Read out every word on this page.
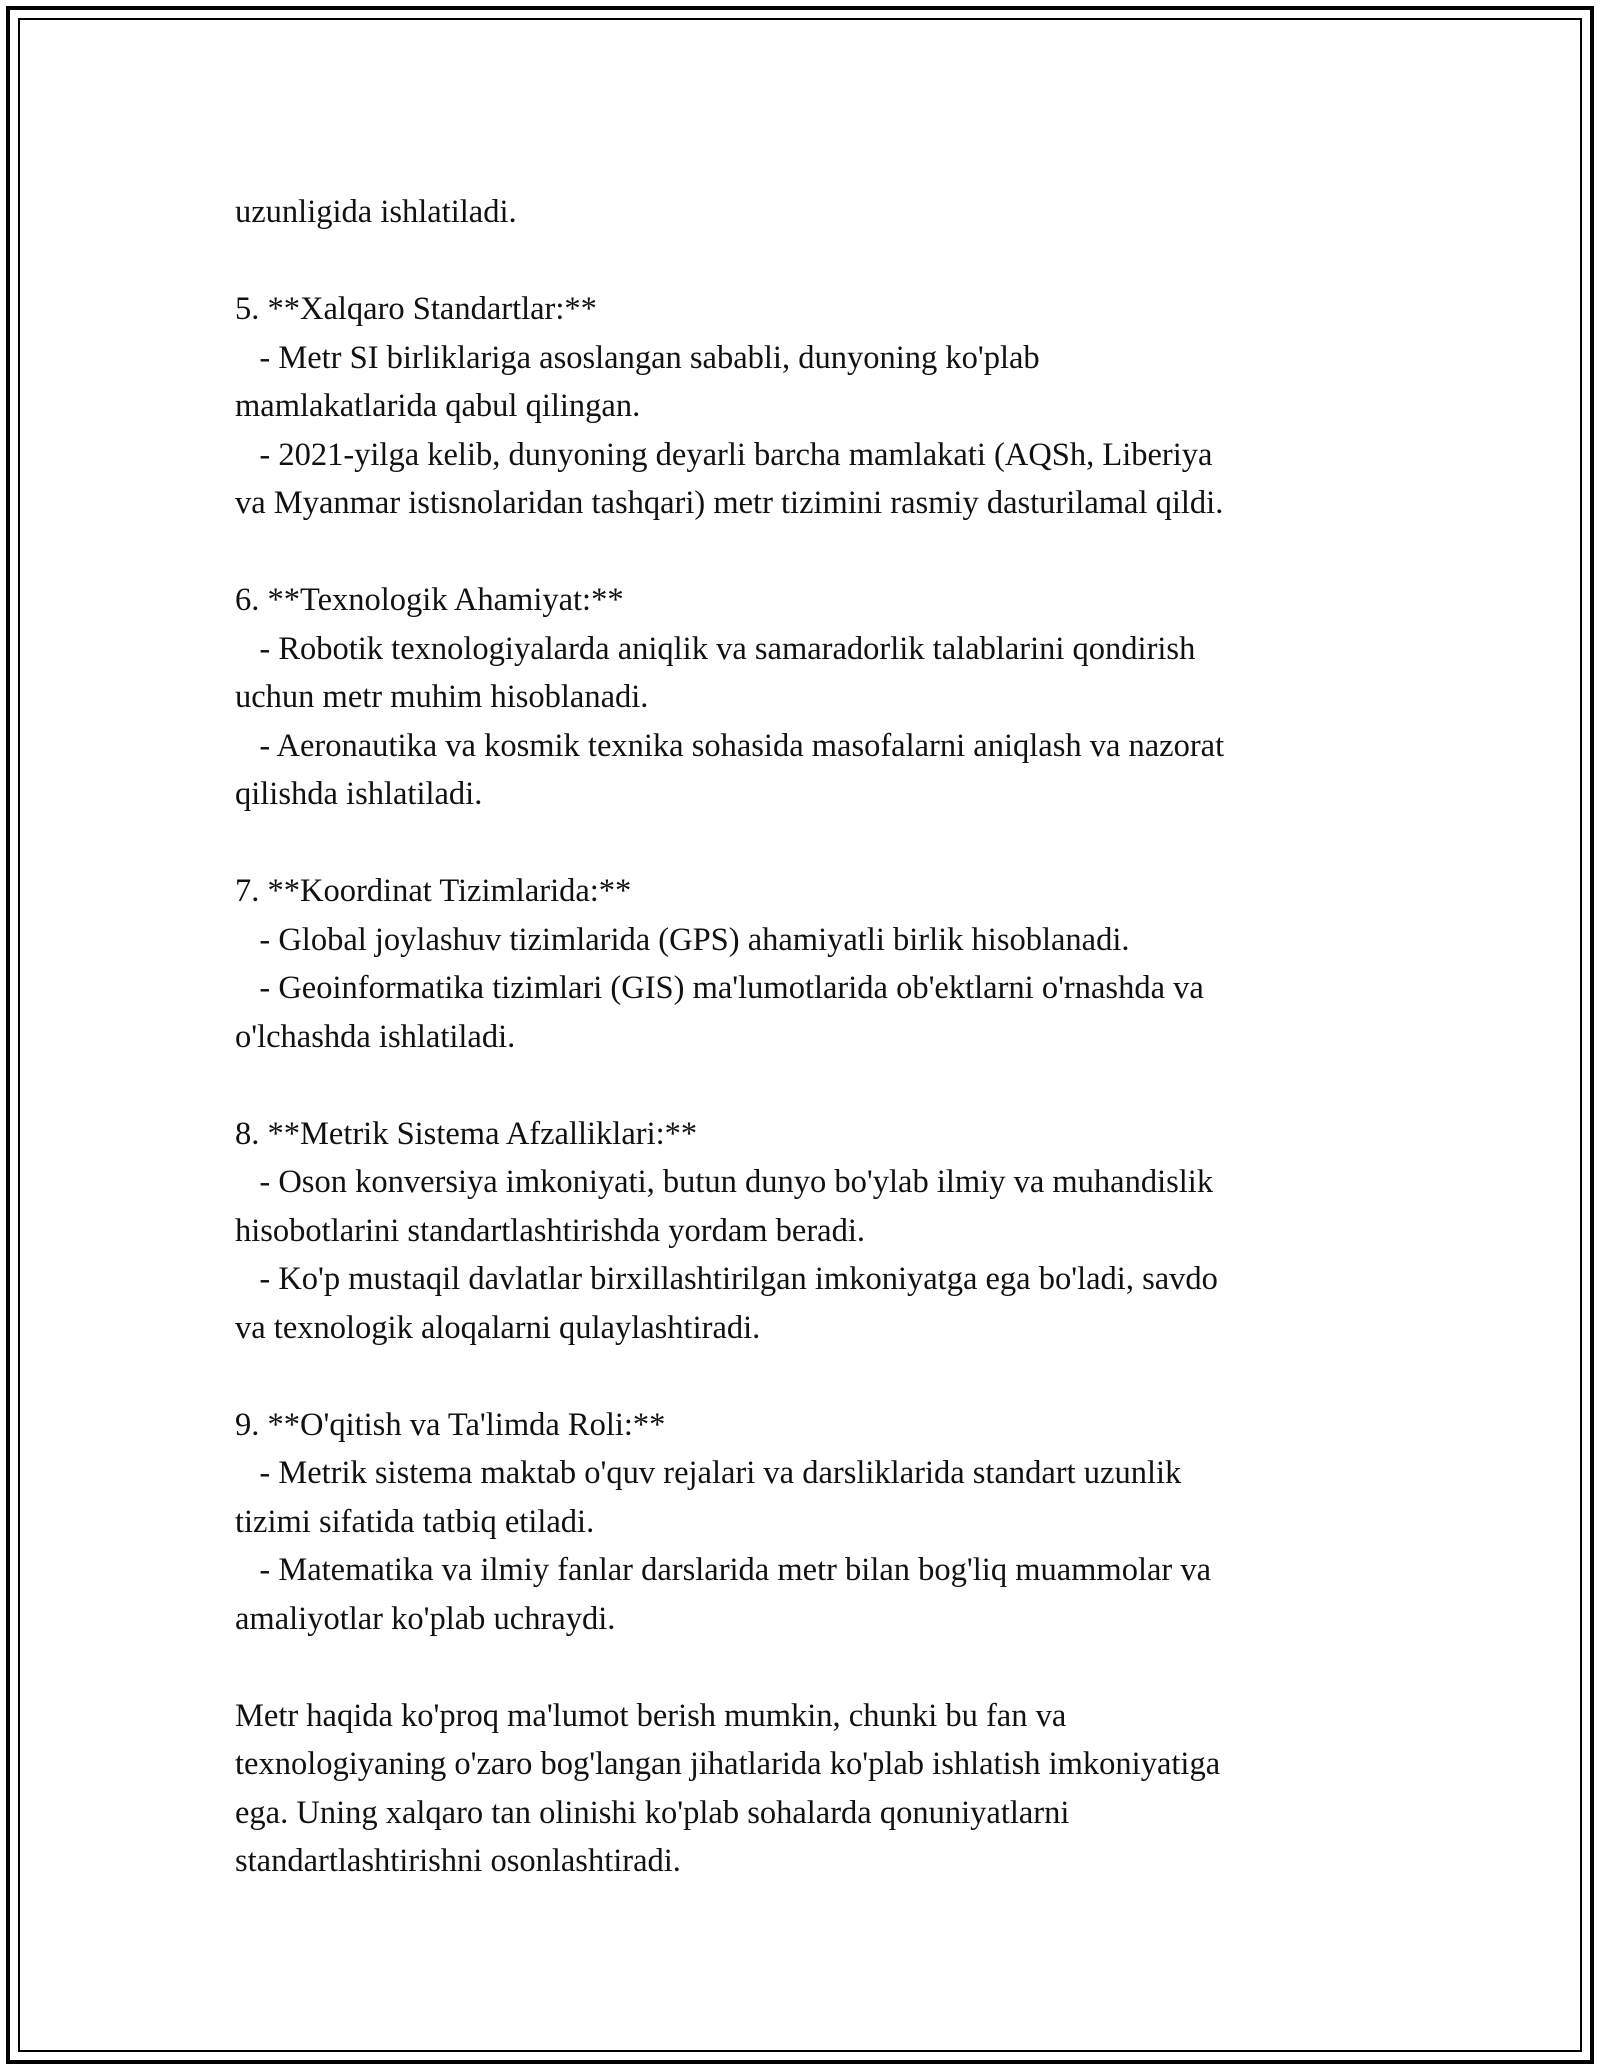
uzunligida ishlatiladi.
5. **Xalqaro Standartlar:**
- Metr SI birliklariga asoslangan sababli, dunyoning ko'plab
mamlakatlarida qabul qilingan.
- 2021-yilga kelib, dunyoning deyarli barcha mamlakati (AQSh, Liberiya
va Myanmar istisnolaridan tashqari) metr tizimini rasmiy dasturilamal qildi.
6. **Texnologik Ahamiyat:**
- Robotik texnologiyalarda aniqlik va samaradorlik talablarini qondirish
uchun metr muhim hisoblanadi.
- Aeronautika va kosmik texnika sohasida masofalarni aniqlash va nazorat
qilishda ishlatiladi.
7. **Koordinat Tizimlarida:**
- Global joylashuv tizimlarida (GPS) ahamiyatli birlik hisoblanadi.
- Geoinformatika tizimlari (GIS) ma'lumotlarida ob'ektlarni o'rnashda va
o'lchashda ishlatiladi.
8. **Metrik Sistema Afzalliklari:**
- Oson konversiya imkoniyati, butun dunyo bo'ylab ilmiy va muhandislik
hisobotlarini standartlashtirishda yordam beradi.
- Ko'p mustaqil davlatlar birxillashtirilgan imkoniyatga ega bo'ladi, savdo
va texnologik aloqalarni qulaylashtiradi.
9. **O'qitish va Ta'limda Roli:**
- Metrik sistema maktab o'quv rejalari va darsliklarida standart uzunlik
tizimi sifatida tatbiq etiladi.
- Matematika va ilmiy fanlar darslarida metr bilan bog'liq muammolar va
amaliyotlar ko'plab uchraydi.
Metr haqida ko'proq ma'lumot berish mumkin, chunki bu fan va
texnologiyaning o'zaro bog'langan jihatlarida ko'plab ishlatish imkoniyatiga
ega. Uning xalqaro tan olinishi ko'plab sohalarda qonuniyatlarni
standartlashtirishni osonlashtiradi.
